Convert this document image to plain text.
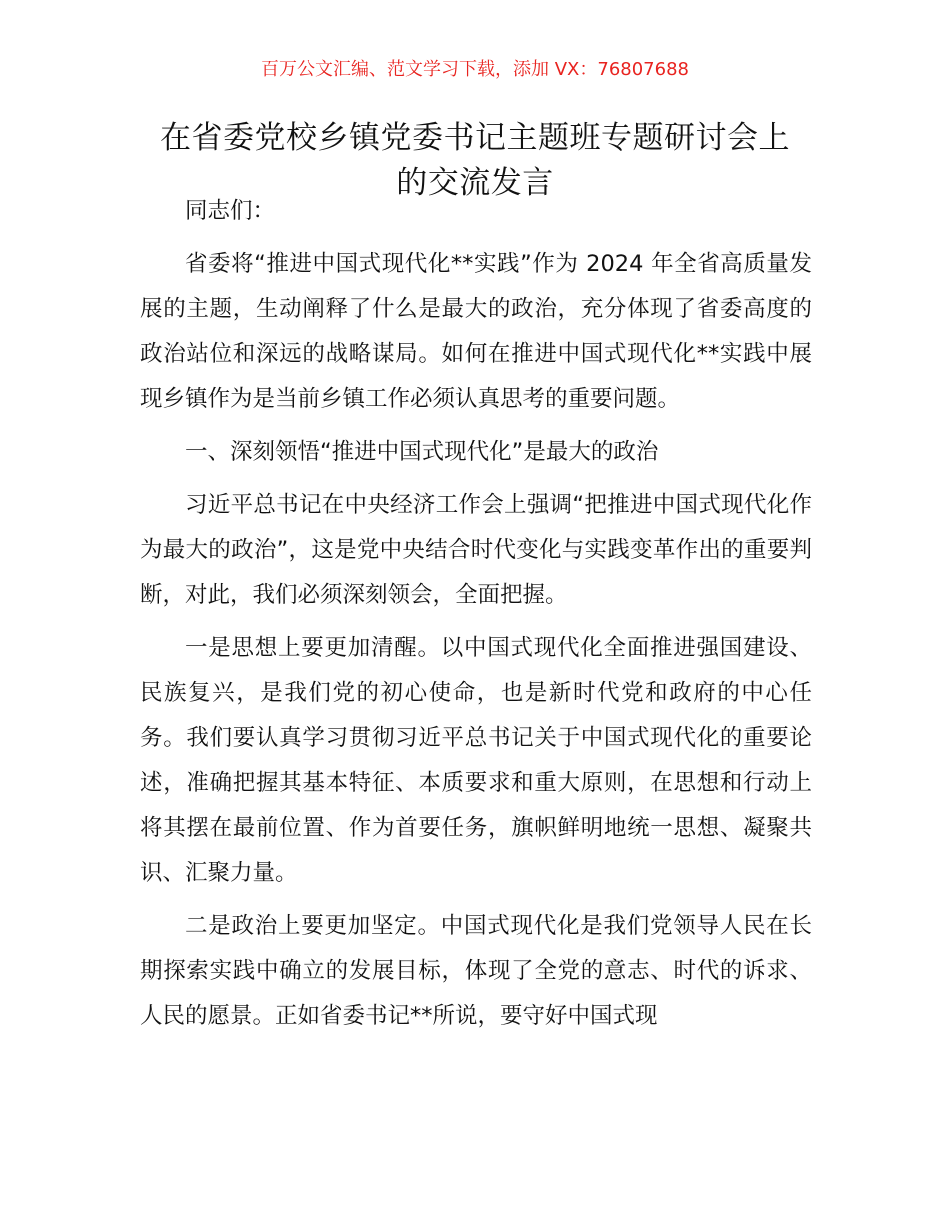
百万公文汇编、范文学习下载，添加 VX：76807688
在省委党校乡镇党委书记主题班专题研讨会上
的交流发言

同志们：

省委将“推进中国式现代化**实践”作为 2024 年全省高质量发展的主题，生动阐释了什么是最大的政治，充分体现了省委高度的政治站位和深远的战略谋局。如何在推进中国式现代化**实践中展现乡镇作为是当前乡镇工作必须认真思考的重要问题。

一、深刻领悟“推进中国式现代化”是最大的政治

习近平总书记在中央经济工作会上强调“把推进中国式现代化作为最大的政治”，这是党中央结合时代变化与实践变革作出的重要判断，对此，我们必须深刻领会，全面把握。

一是思想上要更加清醒。以中国式现代化全面推进强国建设、民族复兴，是我们党的初心使命，也是新时代党和政府的中心任务。我们要认真学习贯彻习近平总书记关于中国式现代化的重要论述，准确把握其基本特征、本质要求和重大原则，在思想和行动上将其摆在最前位置、作为首要任务，旗帜鲜明地统一思想、凝聚共识、汇聚力量。

二是政治上要更加坚定。中国式现代化是我们党领导人民在长期探索实践中确立的发展目标，体现了全党的意志、时代的诉求、人民的愿景。正如省委书记**所说，要守好中国式现
